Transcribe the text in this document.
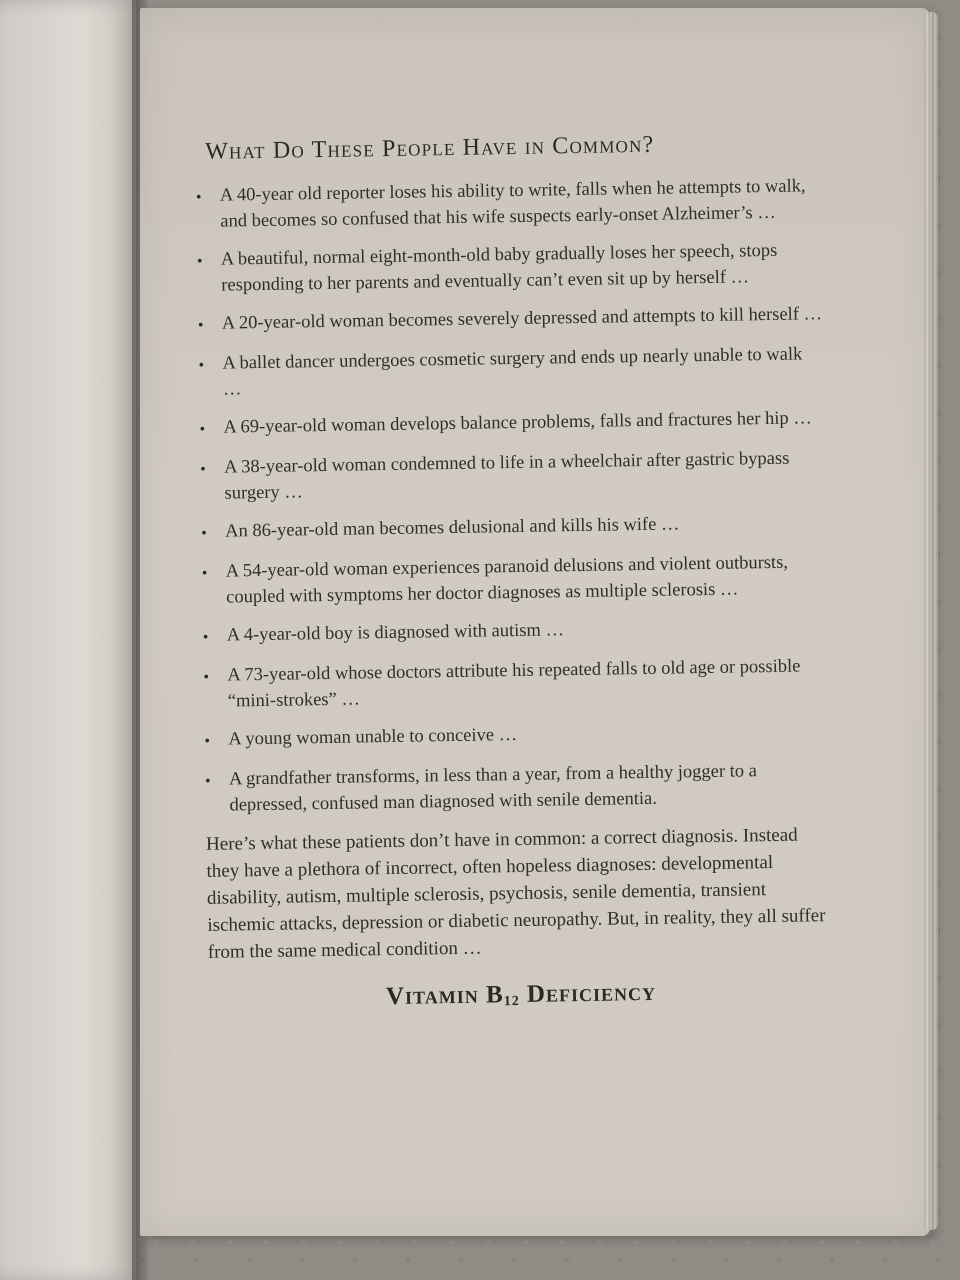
What Do These People Have in Common?
• A 40-year old reporter loses his ability to write, falls when he attempts to walk, and becomes so confused that his wife suspects early-onset Alzheimer’s …
• A beautiful, normal eight-month-old baby gradually loses her speech, stops responding to her parents and eventually can’t even sit up by herself …
• A 20-year-old woman becomes severely depressed and attempts to kill herself …
• A ballet dancer undergoes cosmetic surgery and ends up nearly unable to walk …
• A 69-year-old woman develops balance problems, falls and fractures her hip …
• A 38-year-old woman condemned to life in a wheelchair after gastric bypass surgery …
• An 86-year-old man becomes delusional and kills his wife …
• A 54-year-old woman experiences paranoid delusions and violent outbursts, coupled with symptoms her doctor diagnoses as multiple sclerosis …
• A 4-year-old boy is diagnosed with autism …
• A 73-year-old whose doctors attribute his repeated falls to old age or possible “mini-strokes” …
• A young woman unable to conceive …
• A grandfather transforms, in less than a year, from a healthy jogger to a depressed, confused man diagnosed with senile dementia.

Here’s what these patients don’t have in common: a correct diagnosis. Instead they have a plethora of incorrect, often hopeless diagnoses: developmental disability, autism, multiple sclerosis, psychosis, senile dementia, transient ischemic attacks, depression or diabetic neuropathy. But, in reality, they all suffer from the same medical condition …

Vitamin $B_{12}$ Deficiency
